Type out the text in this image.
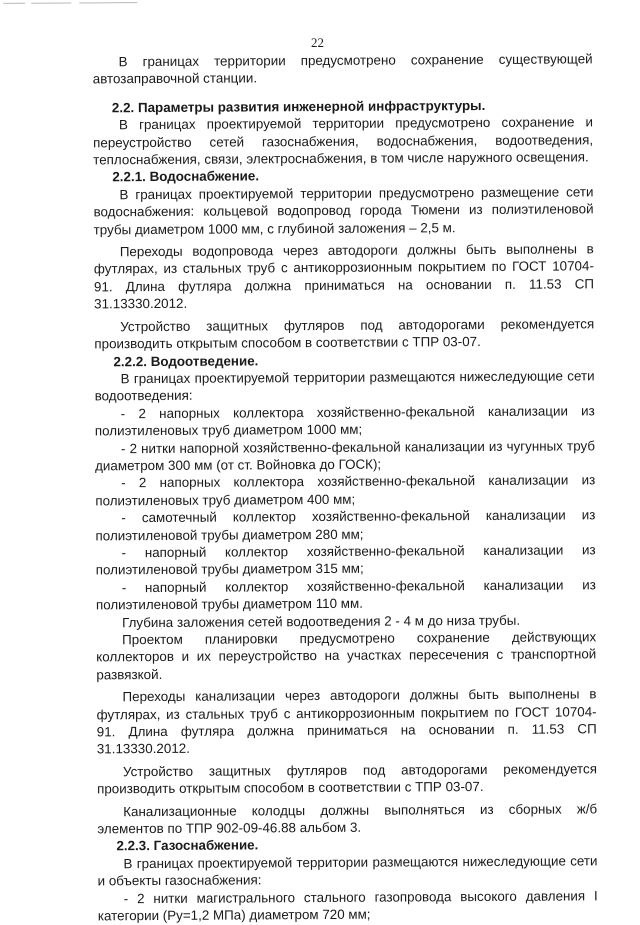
22

В границах территории предусмотрено сохранение существующей автозаправочной станции.

2.2. Параметры развития инженерной инфраструктуры.

В границах проектируемой территории предусмотрено сохранение и переустройство сетей газоснабжения, водоснабжения, водоотведения, теплоснабжения, связи, электроснабжения, в том числе наружного освещения.

2.2.1. Водоснабжение.

В границах проектируемой территории предусмотрено размещение сети водоснабжения: кольцевой водопровод города Тюмени из полиэтиленовой трубы диаметром 1000 мм, с глубиной заложения – 2,5 м.

Переходы водопровода через автодороги должны быть выполнены в футлярах, из стальных труб с антикоррозионным покрытием по ГОСТ 10704-91. Длина футляра должна приниматься на основании п. 11.53 СП 31.13330.2012.

Устройство защитных футляров под автодорогами рекомендуется производить открытым способом в соответствии с ТПР 03-07.

2.2.2. Водоотведение.

В границах проектируемой территории размещаются нижеследующие сети водоотведения:

- 2 напорных коллектора хозяйственно-фекальной канализации из полиэтиленовых труб диаметром 1000 мм;

- 2 нитки напорной хозяйственно-фекальной канализации из чугунных труб диаметром 300 мм (от ст. Войновка до ГОСК);

- 2 напорных коллектора хозяйственно-фекальной канализации из полиэтиленовых труб диаметром 400 мм;

- самотечный коллектор хозяйственно-фекальной канализации из полиэтиленовой трубы диаметром 280 мм;

- напорный коллектор хозяйственно-фекальной канализации из полиэтиленовой трубы диаметром 315 мм;

- напорный коллектор хозяйственно-фекальной канализации из полиэтиленовой трубы диаметром 110 мм.

Глубина заложения сетей водоотведения 2 - 4 м до низа трубы.

Проектом планировки предусмотрено сохранение действующих коллекторов и их переустройство на участках пересечения с транспортной развязкой.

Переходы канализации через автодороги должны быть выполнены в футлярах, из стальных труб с антикоррозионным покрытием по ГОСТ 10704-91. Длина футляра должна приниматься на основании п. 11.53 СП 31.13330.2012.

Устройство защитных футляров под автодорогами рекомендуется производить открытым способом в соответствии с ТПР 03-07.

Канализационные колодцы должны выполняться из сборных ж/б элементов по ТПР 902-09-46.88 альбом 3.

2.2.3. Газоснабжение.

В границах проектируемой территории размещаются нижеследующие сети и объекты газоснабжения:

- 2 нитки магистрального стального газопровода высокого давления I категории (Ру=1,2 МПа) диаметром 720 мм;
